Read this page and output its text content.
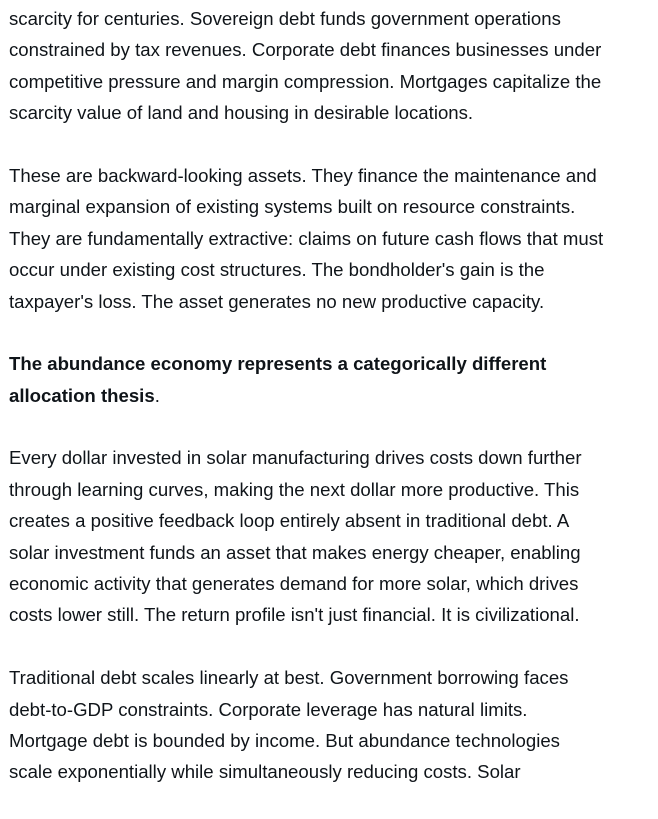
scarcity for centuries. Sovereign debt funds government operations
constrained by tax revenues. Corporate debt finances businesses under
competitive pressure and margin compression. Mortgages capitalize the
scarcity value of land and housing in desirable locations.

These are backward-looking assets. They finance the maintenance and
marginal expansion of existing systems built on resource constraints.
They are fundamentally extractive: claims on future cash flows that must
occur under existing cost structures. The bondholder's gain is the
taxpayer's loss. The asset generates no new productive capacity.

The abundance economy represents a categorically different
allocation thesis.

Every dollar invested in solar manufacturing drives costs down further
through learning curves, making the next dollar more productive. This
creates a positive feedback loop entirely absent in traditional debt. A
solar investment funds an asset that makes energy cheaper, enabling
economic activity that generates demand for more solar, which drives
costs lower still. The return profile isn't just financial. It is civilizational.

Traditional debt scales linearly at best. Government borrowing faces
debt-to-GDP constraints. Corporate leverage has natural limits.
Mortgage debt is bounded by income. But abundance technologies
scale exponentially while simultaneously reducing costs. Solar
